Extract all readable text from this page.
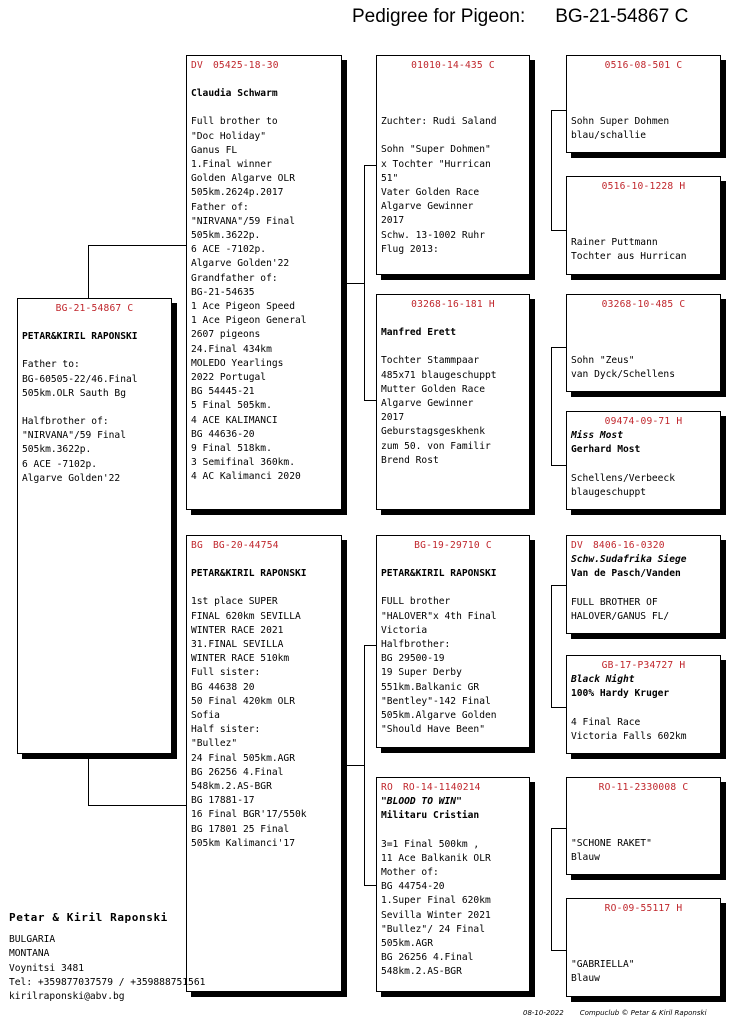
Pedigree for Pigeon: BG-21-54867 C
BG-21-54867 C
PETAR&KIRIL RAPONSKI
Father to:
BG-60505-22/46.Final
505km.OLR Sauth Bg
Halfbrother of:
"NIRVANA"/59 Final
505km.3622p.
6 ACE -7102p.
Algarve Golden'22
DV 05425-18-30
Claudia Schwarm
Full brother to
"Doc Holiday"
Ganus FL
1.Final winner
Golden Algarve OLR
505km.2624p.2017
Father of:
"NIRVANA"/59 Final
505km.3622p.
6 ACE -7102p.
Algarve Golden'22
Grandfather of:
BG-21-54635
1 Ace Pigeon Speed
1 Ace Pigeon General
2607 pigeons
24.Final 434km
MOLEDO Yearlings
2022 Portugal
BG 54445-21
5 Final 505km.
4 ACE KALIMANCI
BG 44636-20
9 Final 518km.
3 Semifinal 360km.
4 AC Kalimanci 2020
BG BG-20-44754
PETAR&KIRIL RAPONSKI
1st place SUPER
FINAL 620km SEVILLA
WINTER RACE 2021
31.FINAL SEVILLA
WINTER RACE 510km
Full sister:
BG 44638 20
50 Final 420km OLR
Sofia
Half sister:
"Bullez"
24 Final 505km.AGR
BG 26256 4.Final
548km.2.AS-BGR
BG 17881-17
16 Final BGR'17/550k
BG 17801 25 Final
505km Kalimanci'17
01010-14-435 C
Zuchter: Rudi Saland
Sohn "Super Dohmen"
x Tochter "Hurrican
51"
Vater Golden Race
Algarve Gewinner
2017
Schw. 13-1002 Ruhr
Flug 2013:
03268-16-181 H
Manfred Erett
Tochter Stammpaar
485x71 blaugeschuppt
Mutter Golden Race
Algarve Gewinner
2017
Geburstagsgeskhenk
zum 50. von Familir
Brend Rost
BG-19-29710 C
PETAR&KIRIL RAPONSKI
FULL brother
"HALOVER"x 4th Final
Victoria
Halfbrother:
BG 29500-19
19 Super Derby
551km.Balkanic GR
"Bentley"-142 Final
505km.Algarve Golden
"Should Have Been"
RO RO-14-1140214
"BLOOD TO WIN"
Militaru Cristian
3=1 Final 500km ,
11 Ace Balkanik OLR
Mother of:
BG 44754-20
1.Super Final 620km
Sevilla Winter 2021
"Bullez"/ 24 Final
505km.AGR
BG 26256 4.Final
548km.2.AS-BGR
0516-08-501 C
Sohn Super Dohmen
blau/schallie
0516-10-1228 H
Rainer Puttmann
Tochter aus Hurrican
03268-10-485 C
Sohn "Zeus"
van Dyck/Schellens
09474-09-71 H
Miss Most
Gerhard Most
Schellens/Verbeeck
blaugeschuppt
DV 8406-16-0320
Schw.Sudafrika Siege
Van de Pasch/Vanden
FULL BROTHER OF
HALOVER/GANUS FL/
GB-17-P34727 H
Black Night
100% Hardy Kruger
4 Final Race
Victoria Falls 602km
RO-11-2330008 C
"SCHONE RAKET"
Blauw
RO-09-55117 H
"GABRIELLA"
Blauw
Petar & Kiril Raponski
BULGARIA
MONTANA
Voynitsi 3481
Tel: +359877037579 / +359888751561
kirilraponski@abv.bg
08-10-2022 Compuclub © Petar & Kiril Raponski
